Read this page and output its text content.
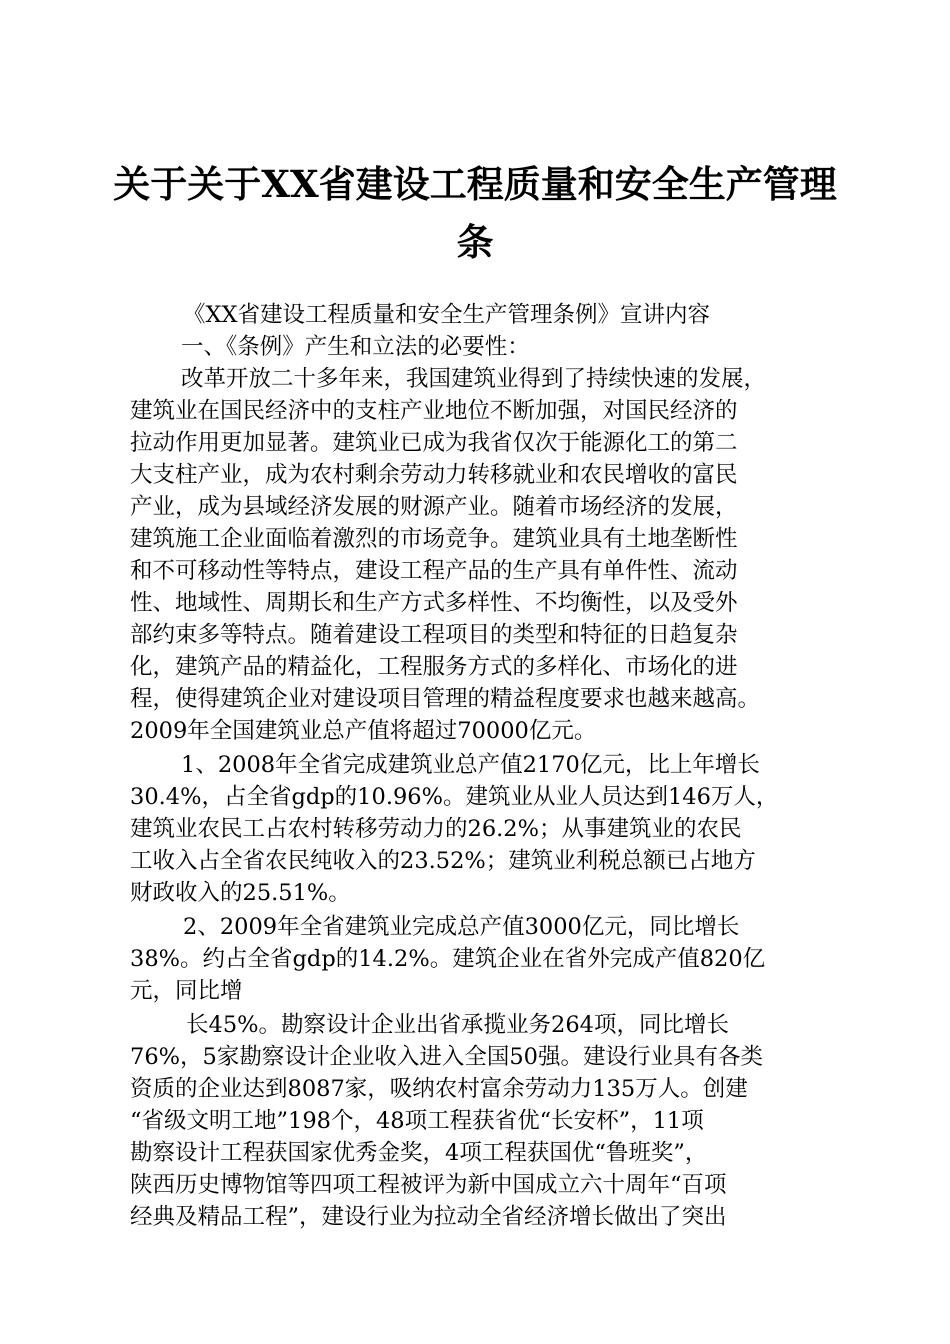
关于关于XX省建设工程质量和安全生产管理
条
《XX省建设工程质量和安全生产管理条例》宣讲内容
一、《条例》产生和立法的必要性：
改革开放二十多年来，我国建筑业得到了持续快速的发展，
建筑业在国民经济中的支柱产业地位不断加强，对国民经济的
拉动作用更加显著。建筑业已成为我省仅次于能源化工的第二
大支柱产业，成为农村剩余劳动力转移就业和农民增收的富民
产业，成为县域经济发展的财源产业。随着市场经济的发展，
建筑施工企业面临着激烈的市场竞争。建筑业具有土地垄断性
和不可移动性等特点，建设工程产品的生产具有单件性、流动
性、地域性、周期长和生产方式多样性、不均衡性，以及受外
部约束多等特点。随着建设工程项目的类型和特征的日趋复杂
化，建筑产品的精益化，工程服务方式的多样化、市场化的进
程，使得建筑企业对建设项目管理的精益程度要求也越来越高。
2009年全国建筑业总产值将超过70000亿元。
1、2008年全省完成建筑业总产值2170亿元，比上年增长
30.4%，占全省gdp的10.96%。建筑业从业人员达到146万人，
建筑业农民工占农村转移劳动力的26.2%；从事建筑业的农民
工收入占全省农民纯收入的23.52%；建筑业利税总额已占地方
财政收入的25.51%。
2、2009年全省建筑业完成总产值3000亿元，同比增长
38%。约占全省gdp的14.2%。建筑企业在省外完成产值820亿
元，同比增
长45%。勘察设计企业出省承揽业务264项，同比增长
76%，5家勘察设计企业收入进入全国50强。建设行业具有各类
资质的企业达到8087家，吸纳农村富余劳动力135万人。创建
“省级文明工地”198个，48项工程获省优“长安杯”，11项
勘察设计工程获国家优秀金奖，4项工程获国优“鲁班奖”，
陕西历史博物馆等四项工程被评为新中国成立六十周年“百项
经典及精品工程”，建设行业为拉动全省经济增长做出了突出
